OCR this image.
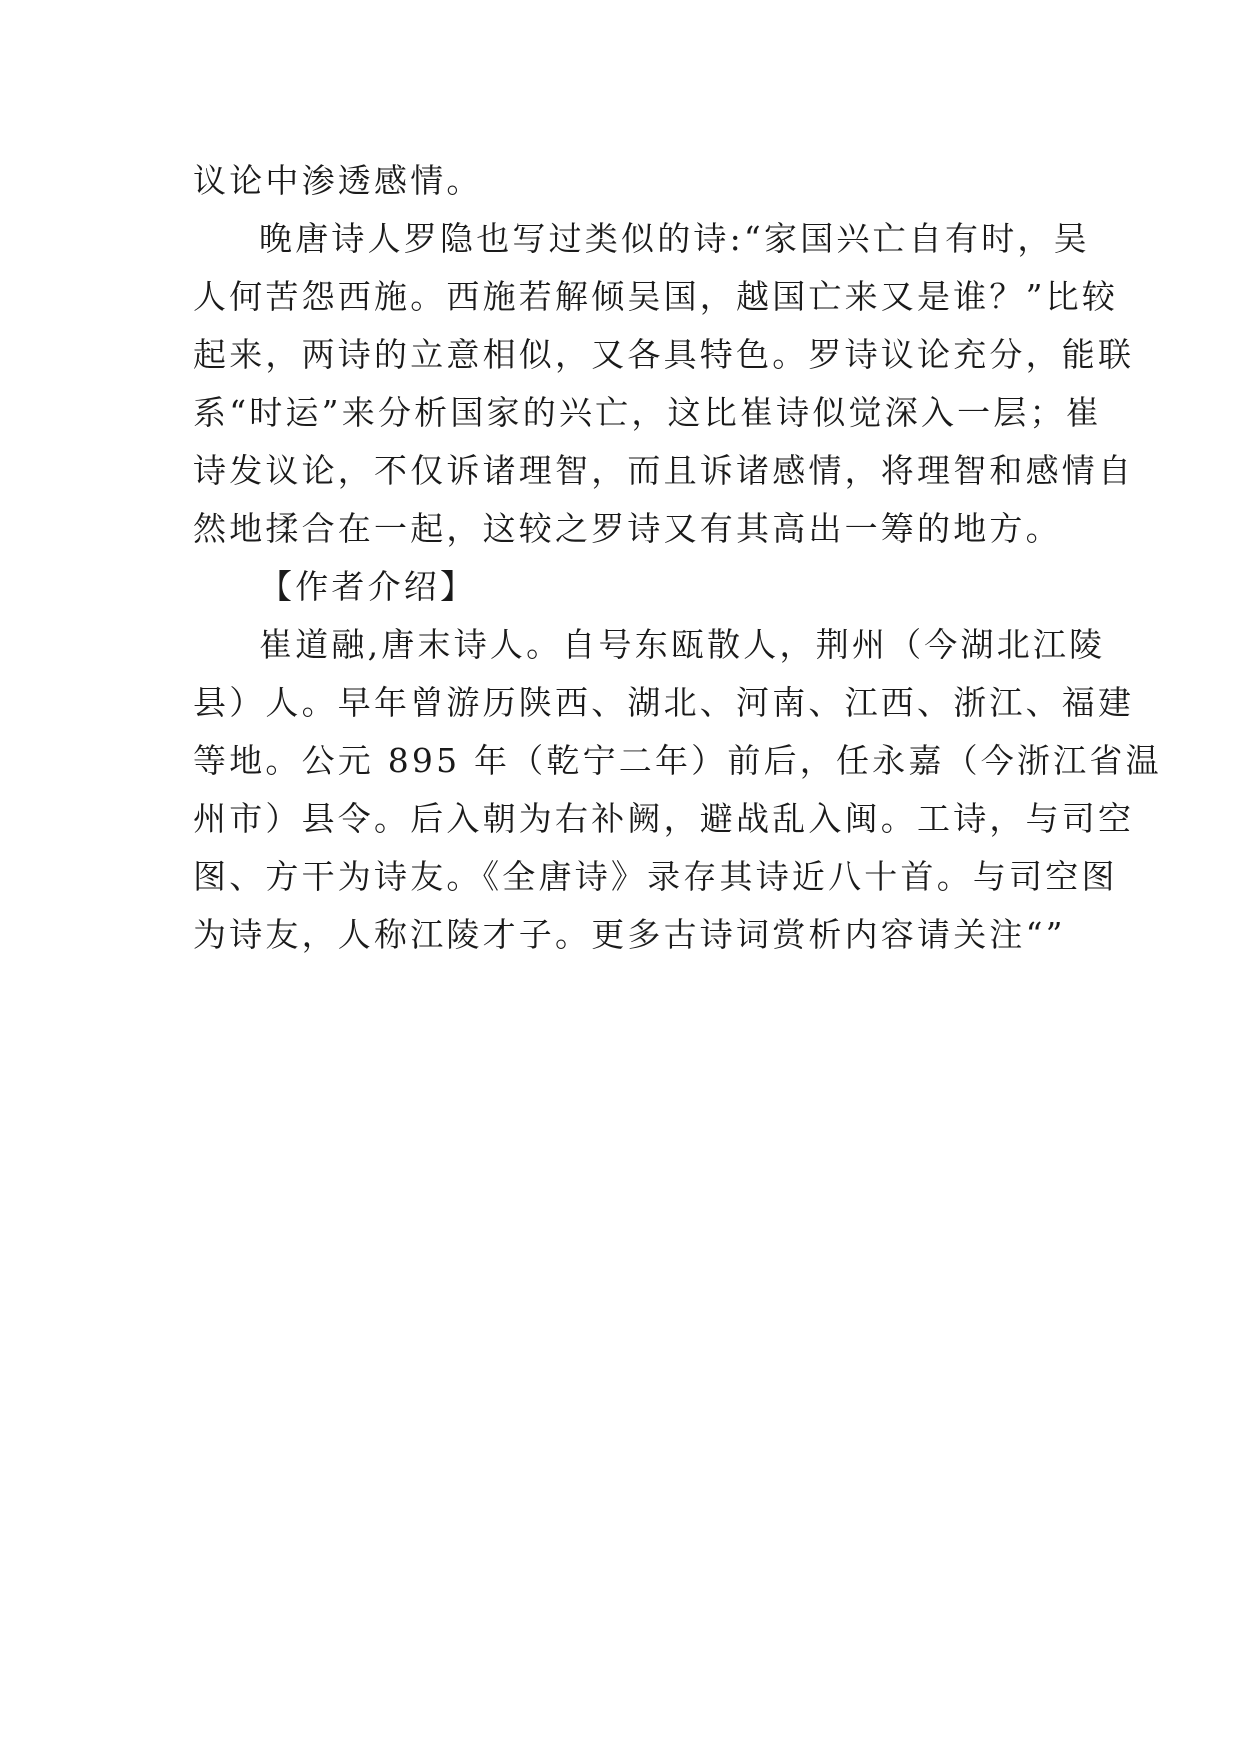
议论中渗透感情。
晚唐诗人罗隐也写过类似的诗:“家国兴亡自有时，吴
人何苦怨西施。西施若解倾吴国，越国亡来又是谁？”比较
起来，两诗的立意相似，又各具特色。罗诗议论充分，能联
系“时运”来分析国家的兴亡，这比崔诗似觉深入一层；崔
诗发议论，不仅诉诸理智，而且诉诸感情，将理智和感情自
然地揉合在一起，这较之罗诗又有其高出一筹的地方。
【作者介绍】
崔道融,唐末诗人。自号东瓯散人，荆州（今湖北江陵
县）人。早年曾游历陕西、湖北、河南、江西、浙江、福建
等地。公元 895 年（乾宁二年）前后，任永嘉（今浙江省温
州市）县令。后入朝为右补阙，避战乱入闽。工诗，与司空
图、方干为诗友。《全唐诗》录存其诗近八十首。与司空图
为诗友，人称江陵才子。更多古诗词赏析内容请关注“”
